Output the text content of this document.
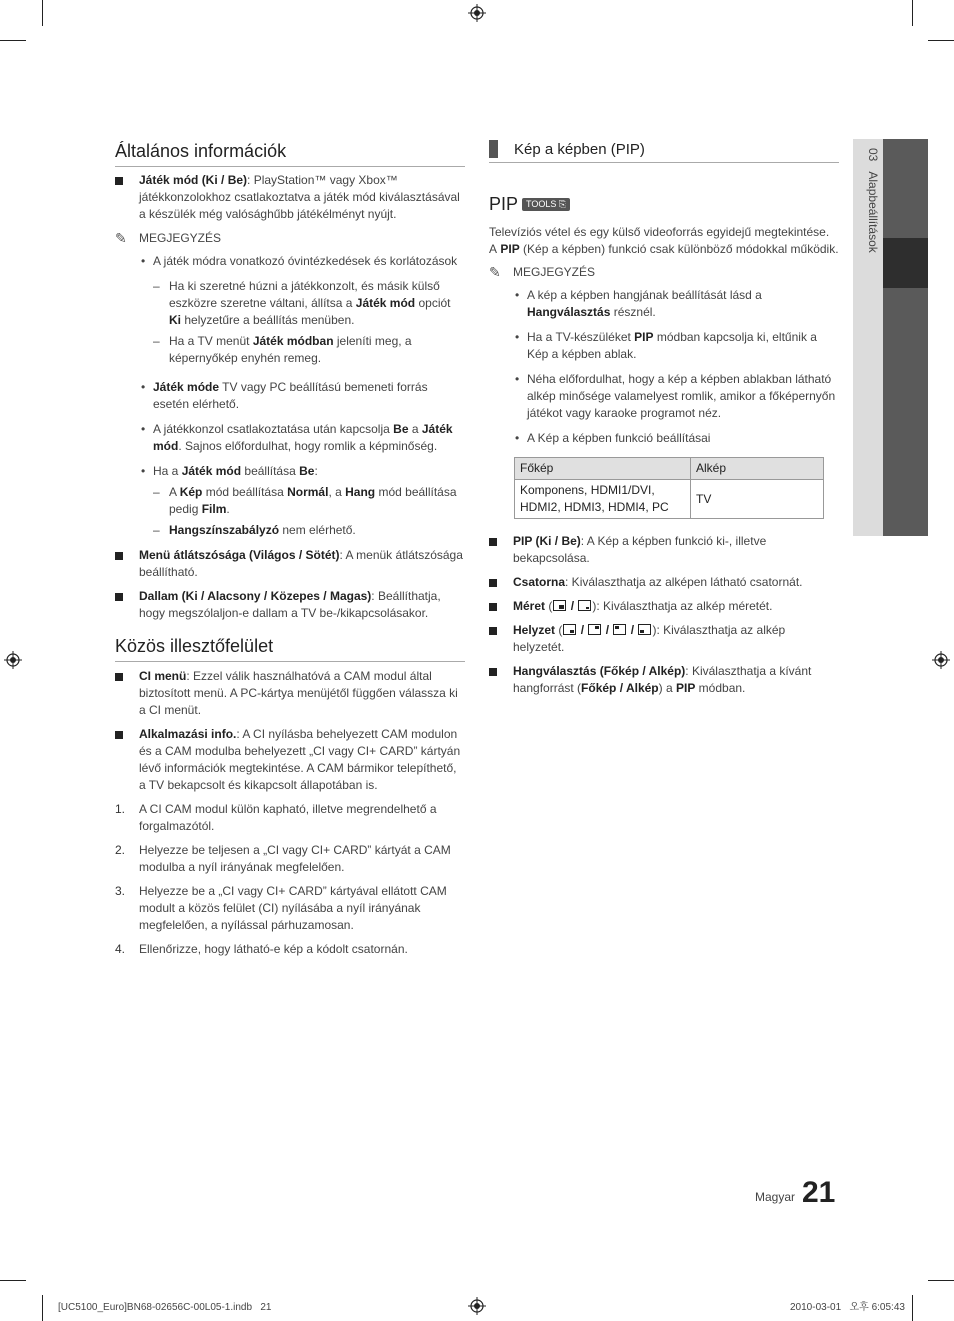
03   Alapbeállítások
Általános információk
Játék mód (Ki / Be): PlayStation™ vagy Xbox™ játékkonzolokhoz csatlakoztatva a játék mód kiválasztásával a készülék még valósághűbb játékélményt nyújt.
✎ MEGJEGYZÉS
• A játék módra vonatkozó óvintézkedések és korlátozások
– Ha ki szeretné húzni a játékkonzolt, és másik külső eszközre szeretne váltani, állítsa a Játék mód opciót Ki helyzetűre a beállítás menüben.
– Ha a TV menüt Játék módban jeleníti meg, a képernyőkép enyhén remeg.
• Játék móde TV vagy PC beállítású bemeneti forrás esetén elérhető.
• A játékkonzol csatlakoztatása után kapcsolja Be a Játék mód. Sajnos előfordulhat, hogy romlik a képminőség.
• Ha a Játék mód beállítása Be:
– A Kép mód beállítása Normál, a Hang mód beállítása pedig Film.
– Hangszínszabályzó nem elérhető.
Menü átlátszósága (Világos / Sötét): A menük átlátszósága beállítható.
Dallam (Ki / Alacsony / Közepes / Magas): Beállíthatja, hogy megszólaljon-e dallam a TV be-/kikapcsolásakor.
Közös illesztőfelület
CI menü: Ezzel válik használhatóvá a CAM modul által biztosított menü. A PC-kártya menüjétől függően válassza ki a CI menüt.
Alkalmazási info.: A CI nyílásba behelyezett CAM modulon és a CAM modulba behelyezett „CI vagy CI+ CARD” kártyán lévő információk megtekintése. A CAM bármikor telepíthető, a TV bekapcsolt és kikapcsolt állapotában is.
1. A CI CAM modul külön kapható, illetve megrendelhető a forgalmazótól.
2. Helyezze be teljesen a „CI vagy CI+ CARD” kártyát a CAM modulba a nyíl irányának megfelelően.
3. Helyezze be a „CI vagy CI+ CARD” kártyával ellátott CAM modult a közös felület (CI) nyílásába a nyíl irányának megfelelően, a nyílással párhuzamosan.
4. Ellenőrizze, hogy látható-e kép a kódolt csatornán.
Kép a képben (PIP)
PIP TOOLS ⎘
Televíziós vétel és egy külső videoforrás egyidejű megtekintése. A PIP (Kép a képben) funkció csak különböző módokkal működik.
✎ MEGJEGYZÉS
• A kép a képben hangjának beállítását lásd a Hangválasztás résznél.
• Ha a TV-készüléket PIP módban kapcsolja ki, eltűnik a Kép a képben ablak.
• Néha előfordulhat, hogy a kép a képben ablakban látható alkép minősége valamelyest romlik, amikor a főképernyőn játékot vagy karaoke programot néz.
• A Kép a képben funkció beállításai
Főkép	Alkép
Komponens, HDMI1/DVI, HDMI2, HDMI3, HDMI4, PC	TV
PIP (Ki / Be): A Kép a képben funkció ki-, illetve bekapcsolása.
Csatorna: Kiválaszthatja az alképen látható csatornát.
Méret ( / ): Kiválaszthatja az alkép méretét.
Helyzet ( / / / ): Kiválaszthatja az alkép helyzetét.
Hangválasztás (Főkép / Alkép): Kiválaszthatja a kívánt hangforrást (Főkép / Alkép) a PIP módban.
Magyar 21
[UC5100_Euro]BN68-02656C-00L05-1.indb   21	2010-03-01   오후 6:05:43
